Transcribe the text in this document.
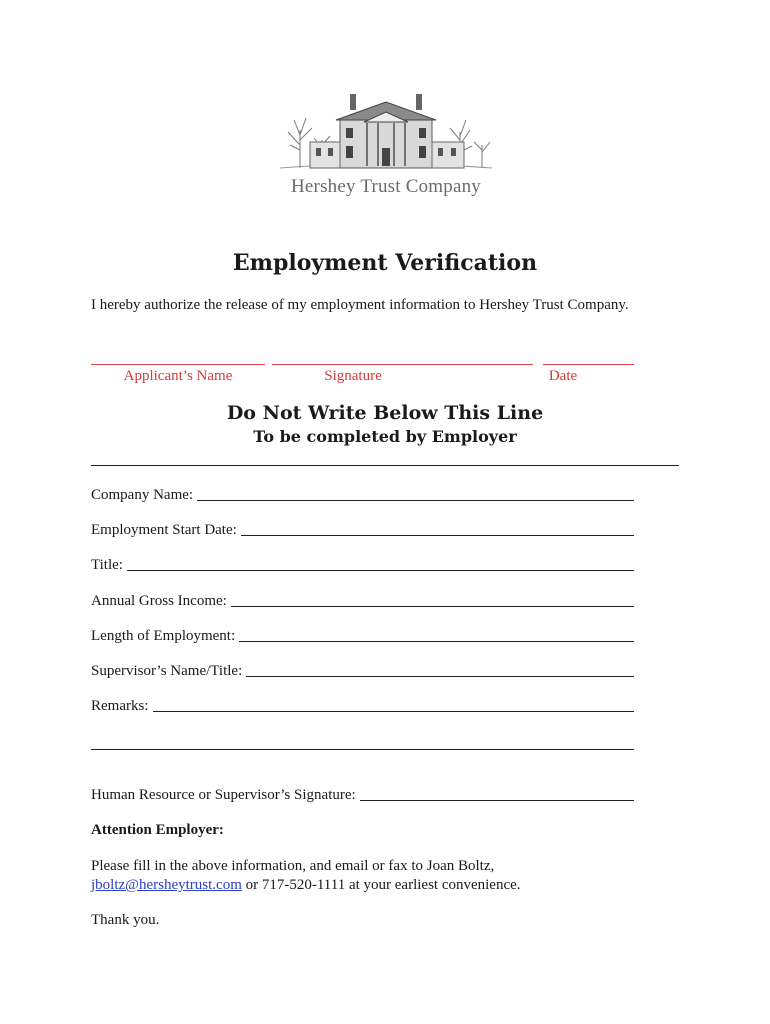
Hershey Trust Company
Employment Verification
I hereby authorize the release of my employment information to Hershey Trust Company.
Applicant’s Name	Signature	Date
Do Not Write Below This Line
To be completed by Employer
Company Name:
Employment Start Date:
Title:
Annual Gross Income:
Length of Employment:
Supervisor’s Name/Title:
Remarks:
Human Resource or Supervisor’s Signature:
Attention Employer:
Please fill in the above information, and email or fax to Joan Boltz,
jboltz@hersheytrust.com or 717-520-1111 at your earliest convenience.
Thank you.
